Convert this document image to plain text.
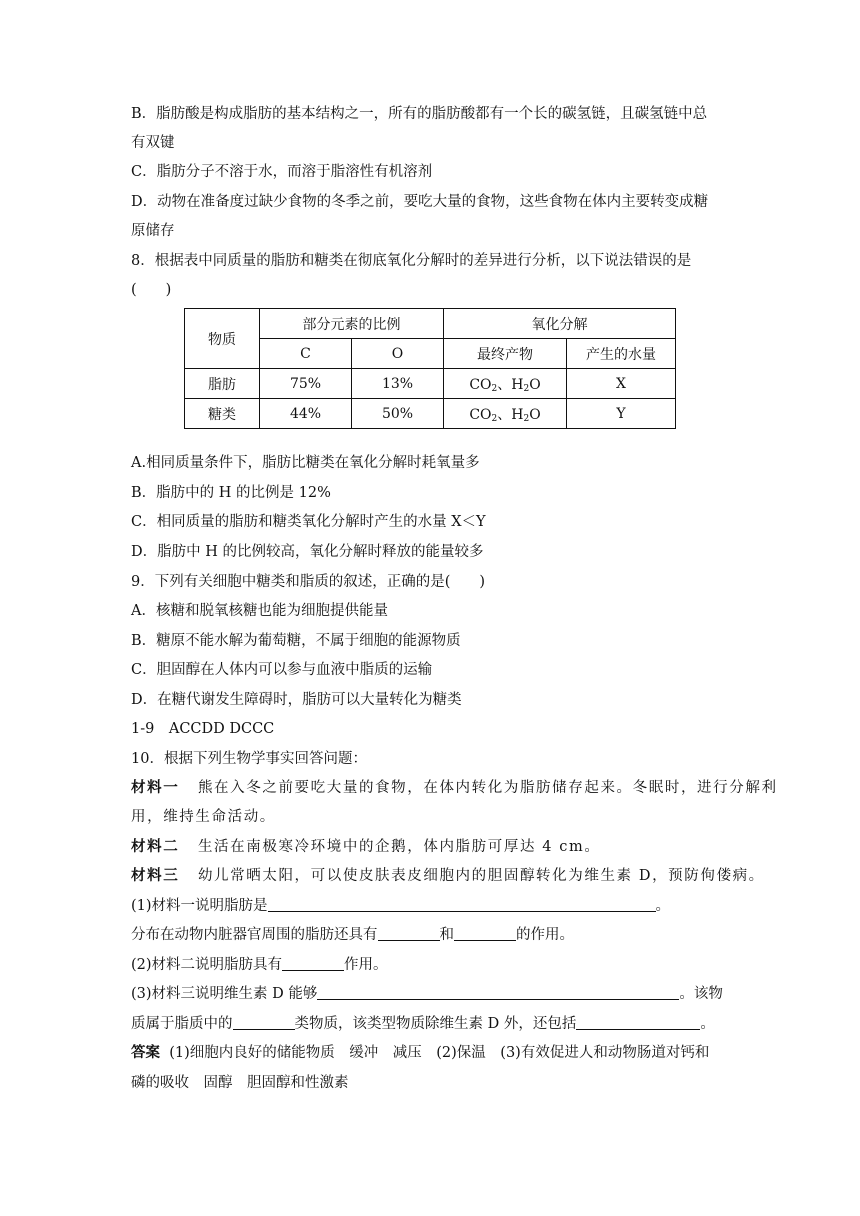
B．脂肪酸是构成脂肪的基本结构之一，所有的脂肪酸都有一个长的碳氢链，且碳氢链中总
有双键
C．脂肪分子不溶于水，而溶于脂溶性有机溶剂
D．动物在准备度过缺少食物的冬季之前，要吃大量的食物，这些食物在体内主要转变成糖
原储存
8．根据表中同质量的脂肪和糖类在彻底氧化分解时的差异进行分析，以下说法错误的是
(　　)
物质	部分元素的比例		氧化分解	
	C	O	最终产物	产生的水量
脂肪	75%	13%	$CO_2$、$H_2O$	X
糖类	44%	50%	$CO_2$、$H_2O$	Y
A.相同质量条件下，脂肪比糖类在氧化分解时耗氧量多
B．脂肪中的 H 的比例是 12%
C．相同质量的脂肪和糖类氧化分解时产生的水量 X＜Y
D．脂肪中 H 的比例较高，氧化分解时释放的能量较多
9．下列有关细胞中糖类和脂质的叙述，正确的是(　　)
A．核糖和脱氧核糖也能为细胞提供能量
B．糖原不能水解为葡萄糖，不属于细胞的能源物质
C．胆固醇在人体内可以参与血液中脂质的运输
D．在糖代谢发生障碍时，脂肪可以大量转化为糖类
1-9　ACCDD DCCC
10．根据下列生物学事实回答问题：
材料一 熊在入冬之前要吃大量的食物，在体内转化为脂肪储存起来。冬眠时，进行分解利
用，维持生命活动。
材料二 生活在南极寒冷环境中的企鹅，体内脂肪可厚达 4 cm。
材料三 幼儿常晒太阳，可以使皮肤表皮细胞内的胆固醇转化为维生素 D，预防佝偻病。
(1)材料一说明脂肪是	。
分布在动物内脏器官周围的脂肪还具有	和	的作用。
(2)材料二说明脂肪具有	作用。
(3)材料三说明维生素 D 能够	。该物
质属于脂质中的	类物质，该类型物质除维生素 D 外，还包括	。
答案 (1)细胞内良好的储能物质　缓冲　减压　(2)保温　(3)有效促进人和动物肠道对钙和
磷的吸收　固醇　胆固醇和性激素
